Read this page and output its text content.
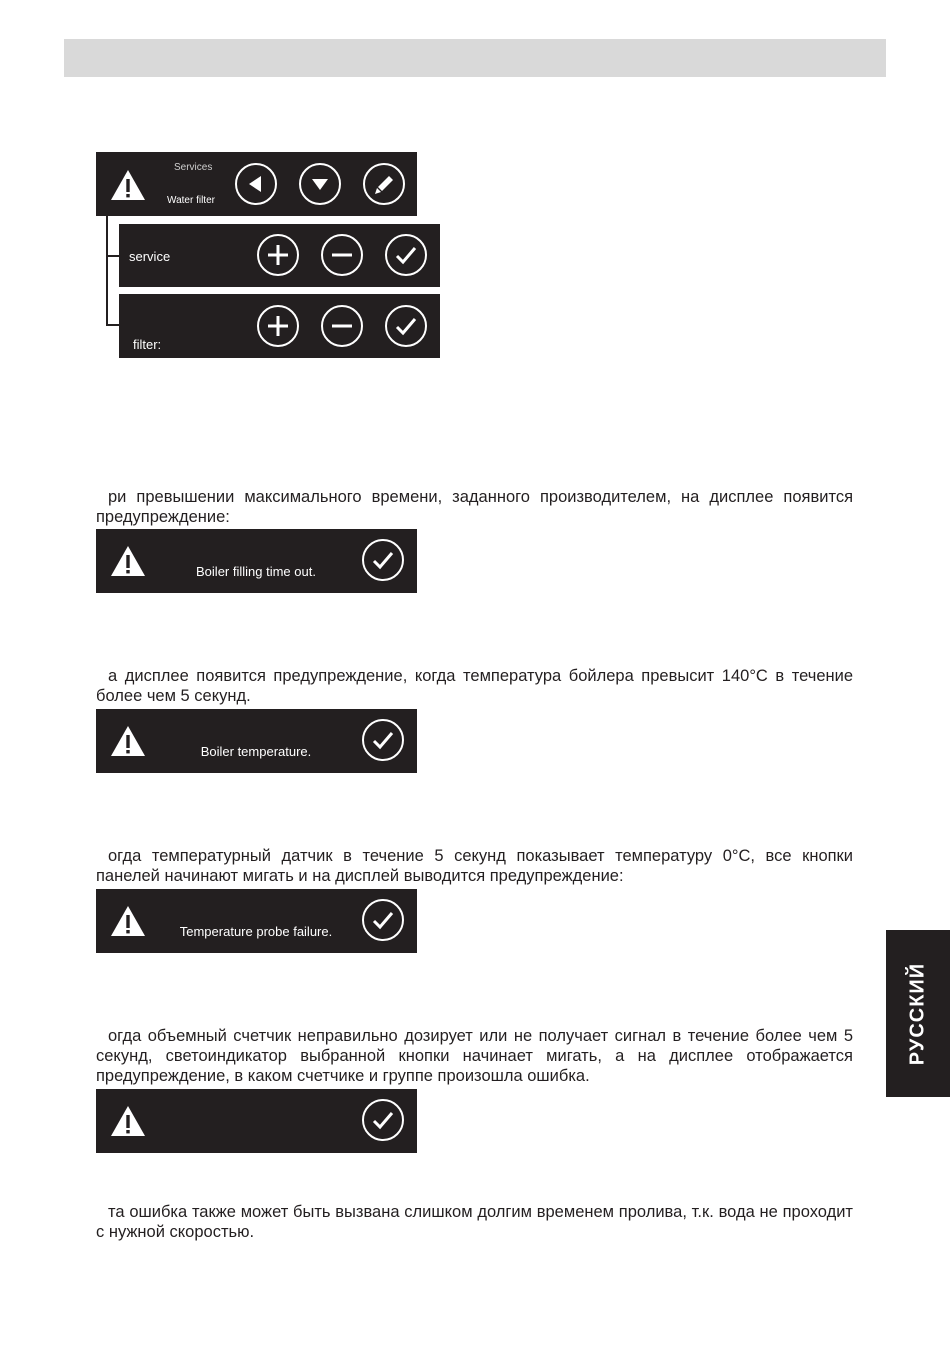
Services
Water filter
service
filter:
ри превышении максимального времени, заданного производителем, на дисплее появится предупреждение:
Boiler filling time out.
а дисплее появится предупреждение, когда температура бойлера превысит 140°C в течение более чем 5 секунд.
Boiler temperature.
огда температурный датчик в течение 5 секунд показывает температуру 0°C, все кнопки панелей начинают мигать и на дисплей выводится предупреждение:
Temperature probe failure.
огда объемный счетчик неправильно дозирует или не получает сигнал в течение более чем 5 секунд, светоиндикатор выбранной кнопки начинает мигать, а на дисплее отображается предупреждение, в каком счетчике и группе произошла ошибка.
та ошибка также может быть вызвана слишком долгим временем пролива, т.к. вода не проходит с нужной скоростью.
РУССКИЙ
